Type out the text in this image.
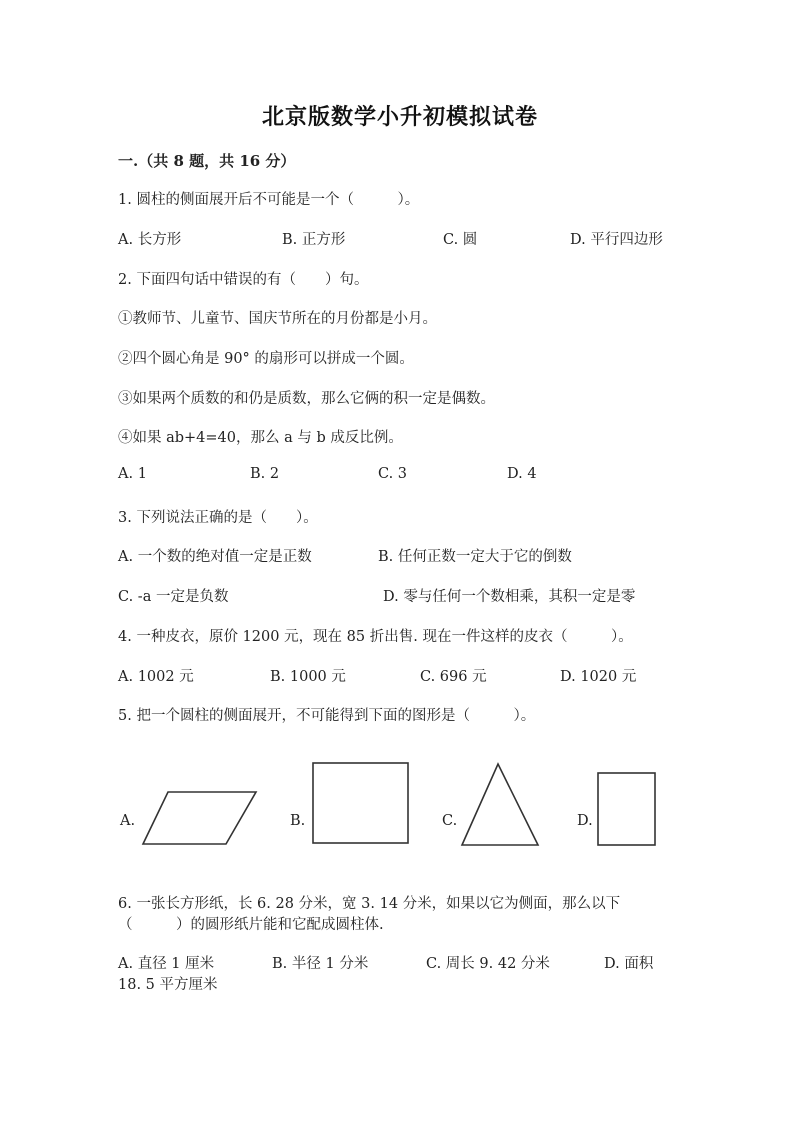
北京版数学小升初模拟试卷
一.（共 8 题，共 16 分）
1. 圆柱的侧面展开后不可能是一个（　　　）。
A. 长方形	B. 正方形	C. 圆	D. 平行四边形
2. 下面四句话中错误的有（　　）句。
①教师节、儿童节、国庆节所在的月份都是小月。
②四个圆心角是 90° 的扇形可以拼成一个圆。
③如果两个质数的和仍是质数，那么它俩的积一定是偶数。
④如果 ab+4=40，那么 a 与 b 成反比例。
A. 1	B. 2	C. 3	D. 4
3. 下列说法正确的是（　　）。
A. 一个数的绝对值一定是正数	B. 任何正数一定大于它的倒数
C. -a 一定是负数	D. 零与任何一个数相乘，其积一定是零
4. 一种皮衣，原价 1200 元，现在 85 折出售. 现在一件这样的皮衣（　　　）。
A. 1002 元	B. 1000 元	C. 696 元	D. 1020 元
5. 把一个圆柱的侧面展开，不可能得到下面的图形是（　　　）。
A.	B.	C.	D.
6. 一张长方形纸，长 6. 28 分米，宽 3. 14 分米，如果以它为侧面，那么以下
（　　　）的圆形纸片能和它配成圆柱体.
A. 直径 1 厘米	B. 半径 1 分米	C. 周长 9. 42 分米	D. 面积
18. 5 平方厘米
